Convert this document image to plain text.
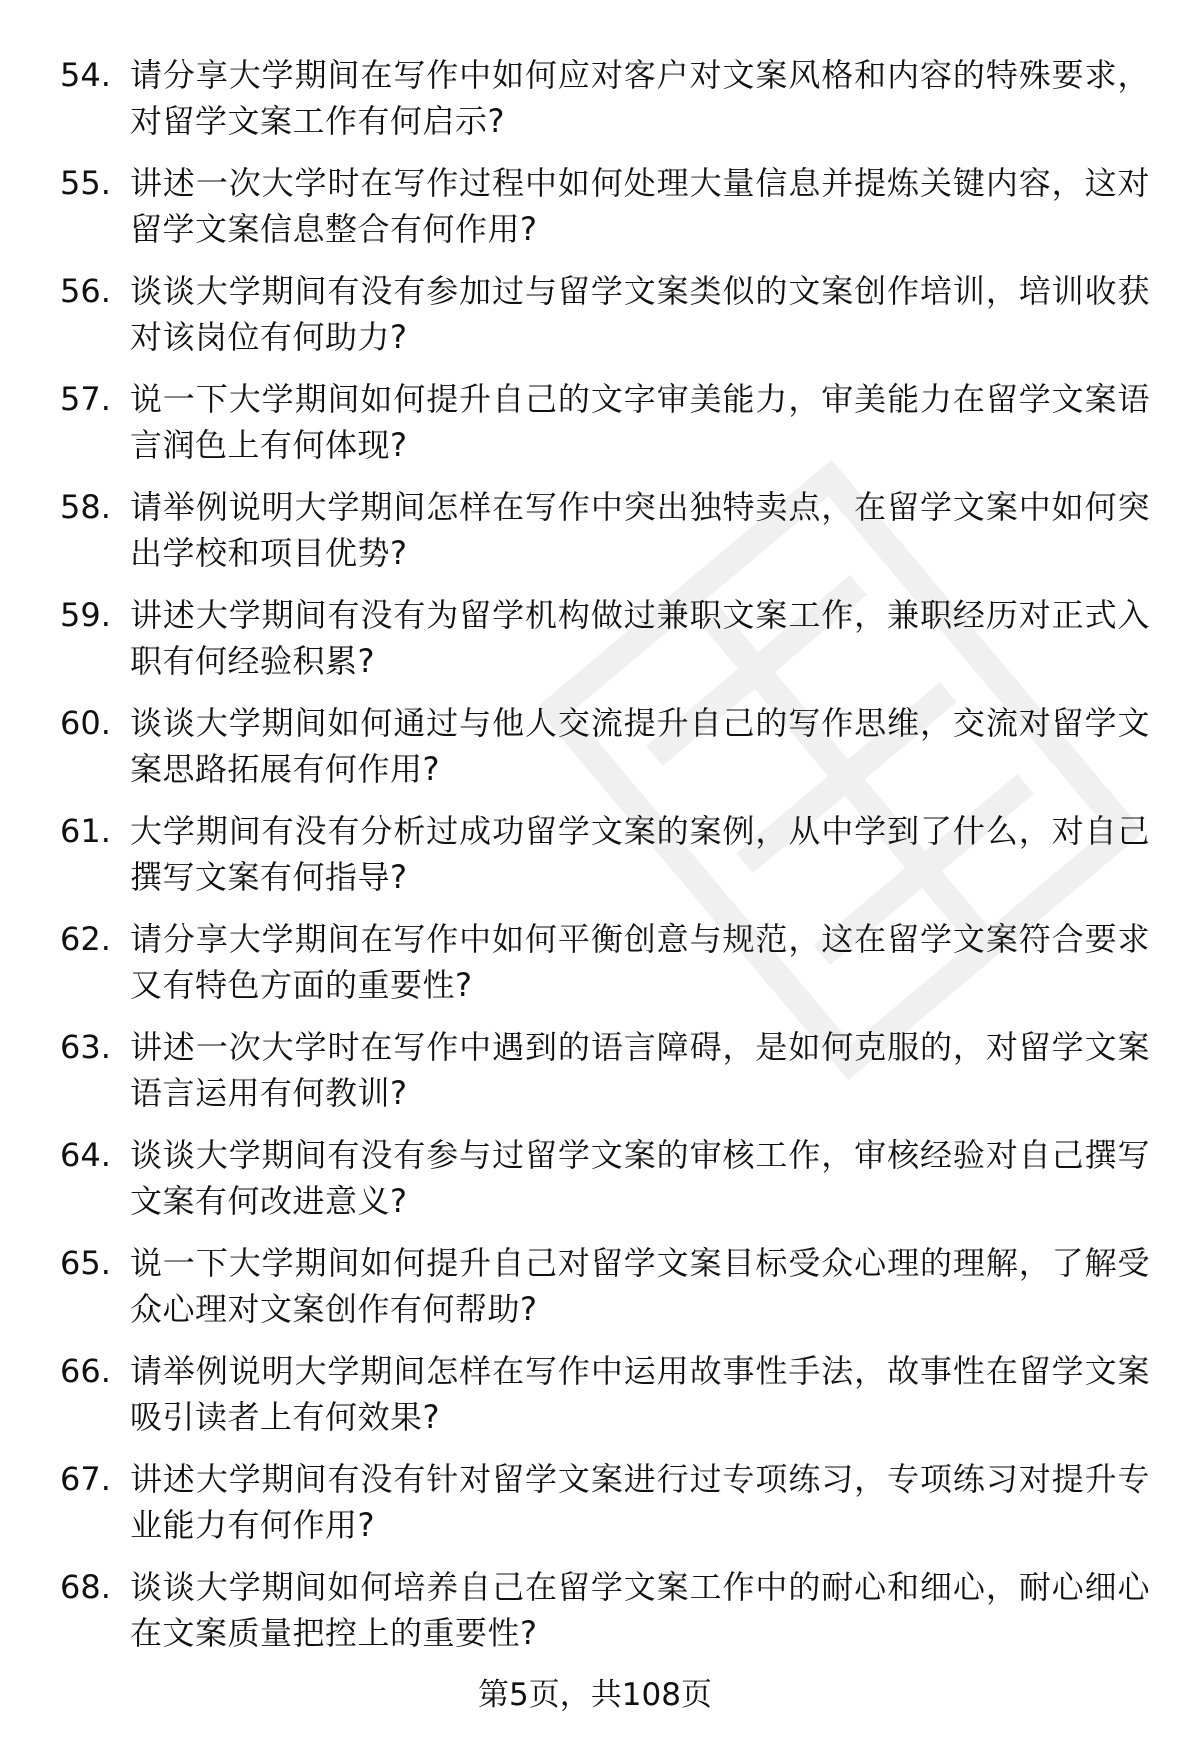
54. 请分享大学期间在写作中如何应对客户对文案风格和内容的特殊要求，对留学文案工作有何启示?
55. 讲述一次大学时在写作过程中如何处理大量信息并提炼关键内容，这对留学文案信息整合有何作用?
56. 谈谈大学期间有没有参加过与留学文案类似的文案创作培训，培训收获对该岗位有何助力?
57. 说一下大学期间如何提升自己的文字审美能力，审美能力在留学文案语言润色上有何体现?
58. 请举例说明大学期间怎样在写作中突出独特卖点，在留学文案中如何突出学校和项目优势?
59. 讲述大学期间有没有为留学机构做过兼职文案工作，兼职经历对正式入职有何经验积累?
60. 谈谈大学期间如何通过与他人交流提升自己的写作思维，交流对留学文案思路拓展有何作用?
61. 大学期间有没有分析过成功留学文案的案例，从中学到了什么，对自己撰写文案有何指导?
62. 请分享大学期间在写作中如何平衡创意与规范，这在留学文案符合要求又有特色方面的重要性?
63. 讲述一次大学时在写作中遇到的语言障碍，是如何克服的，对留学文案语言运用有何教训?
64. 谈谈大学期间有没有参与过留学文案的审核工作，审核经验对自己撰写文案有何改进意义?
65. 说一下大学期间如何提升自己对留学文案目标受众心理的理解，了解受众心理对文案创作有何帮助?
66. 请举例说明大学期间怎样在写作中运用故事性手法，故事性在留学文案吸引读者上有何效果?
67. 讲述大学期间有没有针对留学文案进行过专项练习，专项练习对提升专业能力有何作用?
68. 谈谈大学期间如何培养自己在留学文案工作中的耐心和细心，耐心细心在文案质量把控上的重要性?
第5页，共108页
